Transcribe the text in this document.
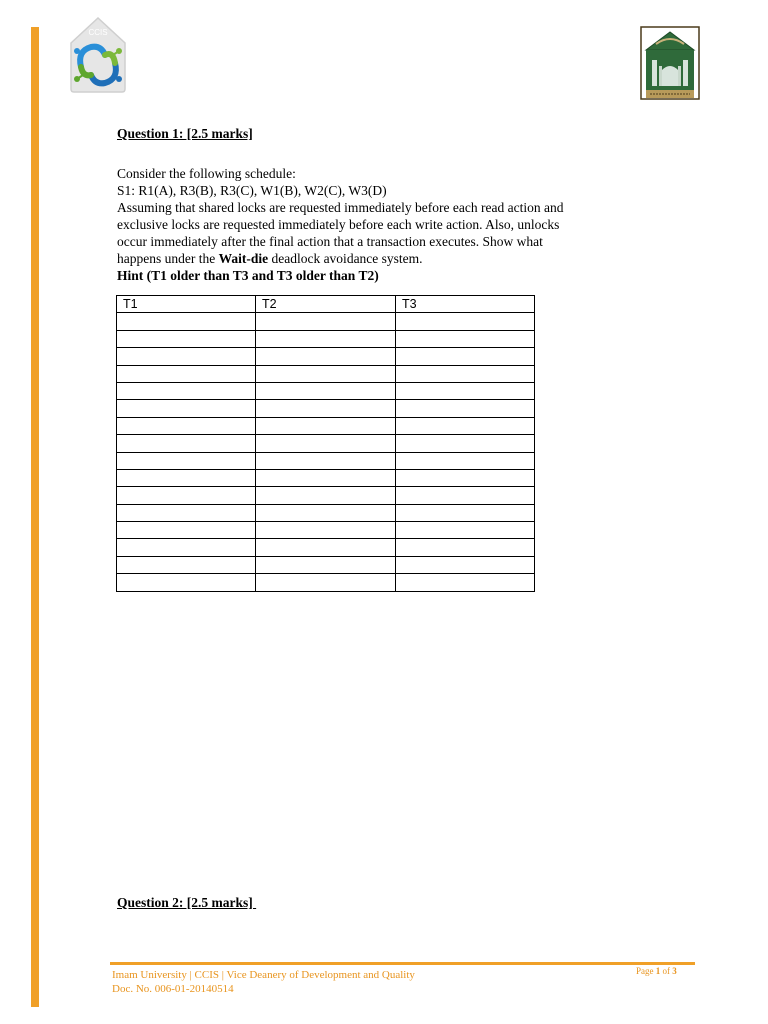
CCIS
Question 1: [2.5 marks]
Consider the following schedule:
S1: R1(A), R3(B), R3(C), W1(B), W2(C), W3(D)
Assuming that shared locks are requested immediately before each read action and
exclusive locks are requested immediately before each write action. Also, unlocks
occur immediately after the final action that a transaction executes. Show what
happens under the Wait-die deadlock avoidance system.
Hint (T1 older than T3 and T3 older than T2)
T1	T2	T3

Question 2: [2.5 marks]
Imam University | CCIS | Vice Deanery of Development and Quality
Doc. No. 006-01-20140514
Page 1 of 3
